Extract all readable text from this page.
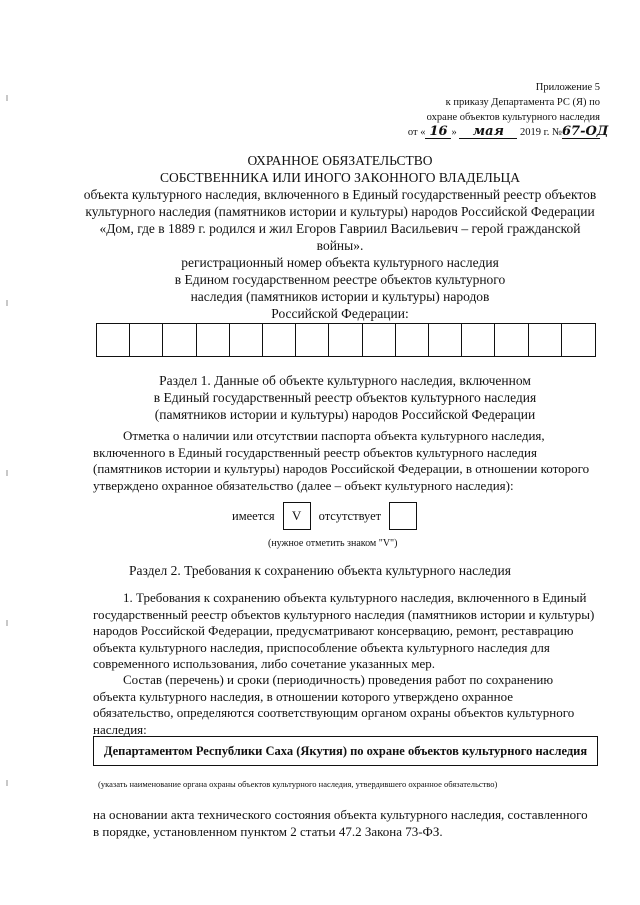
Приложение 5
к приказу Департамента РС (Я) по
охране объектов культурного наследия
от « 16 » мая 2019 г. №67-ОД
ОХРАННОЕ ОБЯЗАТЕЛЬСТВО
СОБСТВЕННИКА ИЛИ ИНОГО ЗАКОННОГО ВЛАДЕЛЬЦА
объекта культурного наследия, включенного в Единый государственный реестр объектов
культурного наследия (памятников истории и культуры) народов Российской Федерации
«Дом, где в 1889 г. родился и жил Егоров Гавриил Васильевич – герой гражданской
войны».
регистрационный номер объекта культурного наследия
в Едином государственном реестре объектов культурного
наследия (памятников истории и культуры) народов
Российской Федерации:
Раздел 1. Данные об объекте культурного наследия, включенном
в Единый государственный реестр объектов культурного наследия
(памятников истории и культуры) народов Российской Федерации
Отметка о наличии или отсутствии паспорта объекта культурного наследия,
включенного в Единый государственный реестр объектов культурного наследия
(памятников истории и культуры) народов Российской Федерации, в отношении которого
утверждено охранное обязательство (далее – объект культурного наследия):
имеется	V	отсутствует
(нужное отметить знаком "V")
Раздел 2. Требования к сохранению объекта культурного наследия
1. Требования к сохранению объекта культурного наследия, включенного в Единый
государственный реестр объектов культурного наследия (памятников истории и культуры)
народов Российской Федерации, предусматривают консервацию, ремонт, реставрацию
объекта культурного наследия, приспособление объекта культурного наследия для
современного использования, либо сочетание указанных мер.
Состав (перечень) и сроки (периодичность) проведения работ по сохранению
объекта культурного наследия, в отношении которого утверждено охранное
обязательство, определяются соответствующим органом охраны объектов культурного
наследия:
Департаментом Республики Саха (Якутия) по охране объектов культурного наследия
(указать наименование органа охраны объектов культурного наследия, утвердившего охранное обязательство)
на основании акта технического состояния объекта культурного наследия, составленного
в порядке, установленном пунктом 2 статьи 47.2 Закона 73-ФЗ.
